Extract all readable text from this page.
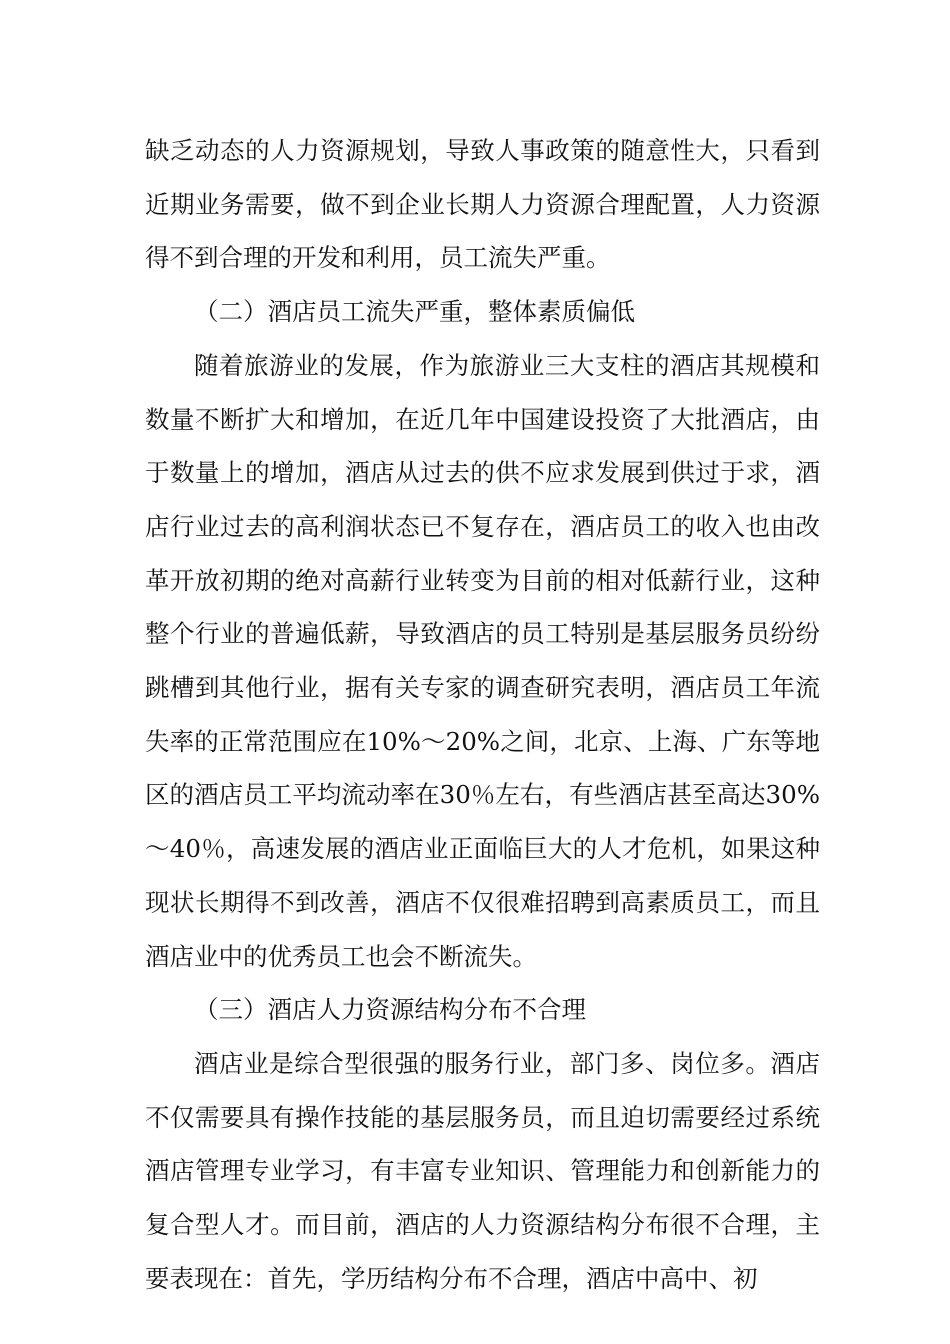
缺乏动态的人力资源规划，导致人事政策的随意性大，只看到近期业务需要，做不到企业长期人力资源合理配置，人力资源得不到合理的开发和利用，员工流失严重。

（二）酒店员工流失严重，整体素质偏低

随着旅游业的发展，作为旅游业三大支柱的酒店其规模和数量不断扩大和增加，在近几年中国建设投资了大批酒店，由于数量上的增加，酒店从过去的供不应求发展到供过于求，酒店行业过去的高利润状态已不复存在，酒店员工的收入也由改革开放初期的绝对高薪行业转变为目前的相对低薪行业，这种整个行业的普遍低薪，导致酒店的员工特别是基层服务员纷纷跳槽到其他行业，据有关专家的调查研究表明，酒店员工年流失率的正常范围应在10%～20%之间，北京、上海、广东等地区的酒店员工平均流动率在30％左右，有些酒店甚至高达30%～40％，高速发展的酒店业正面临巨大的人才危机，如果这种现状长期得不到改善，酒店不仅很难招聘到高素质员工，而且酒店业中的优秀员工也会不断流失。

（三）酒店人力资源结构分布不合理

酒店业是综合型很强的服务行业，部门多、岗位多。酒店不仅需要具有操作技能的基层服务员，而且迫切需要经过系统酒店管理专业学习，有丰富专业知识、管理能力和创新能力的复合型人才。而目前，酒店的人力资源结构分布很不合理，主要表现在：首先，学历结构分布不合理，酒店中高中、初
